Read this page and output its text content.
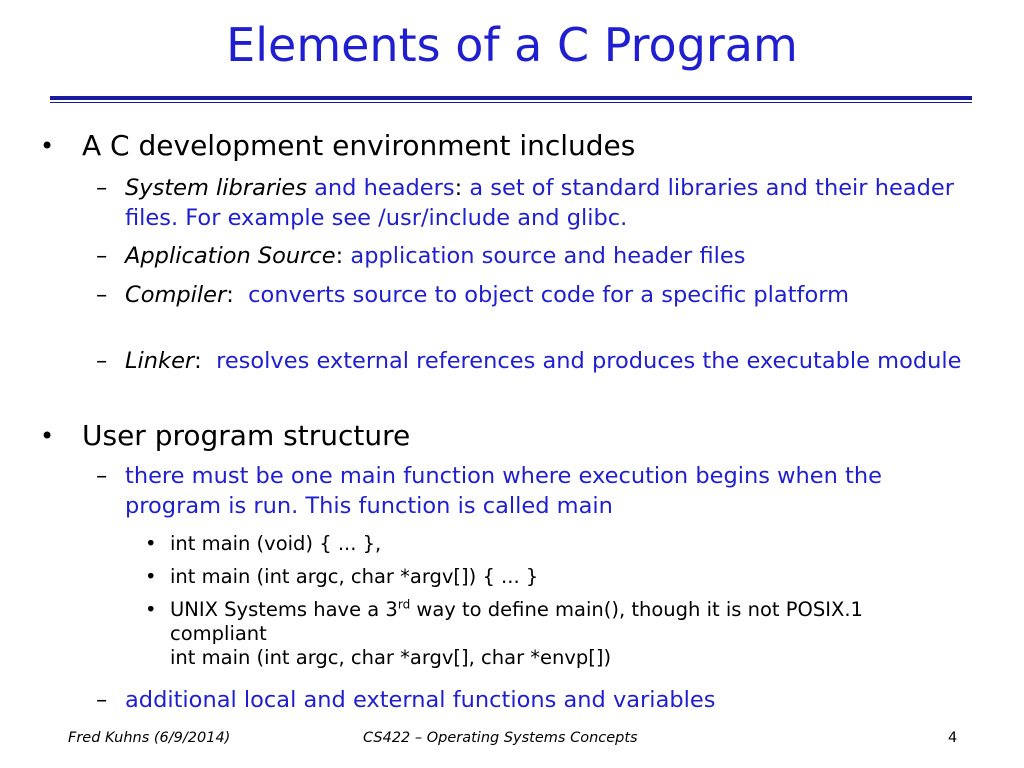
Elements of a C Program
• A C development environment includes
– System libraries and headers: a set of standard libraries and their header files. For example see /usr/include and glibc.
– Application Source: application source and header files
– Compiler:  converts source to object code for a specific platform
– Linker:  resolves external references and produces the executable module
• User program structure
– there must be one main function where execution begins when the program is run. This function is called main
• int main (void) { ... },
• int main (int argc, char *argv[]) { ... }
• UNIX Systems have a 3rd way to define main(), though it is not POSIX.1 compliant
int main (int argc, char *argv[], char *envp[])
– additional local and external functions and variables
Fred Kuhns (6/9/2014)	CS422 – Operating Systems Concepts	4
